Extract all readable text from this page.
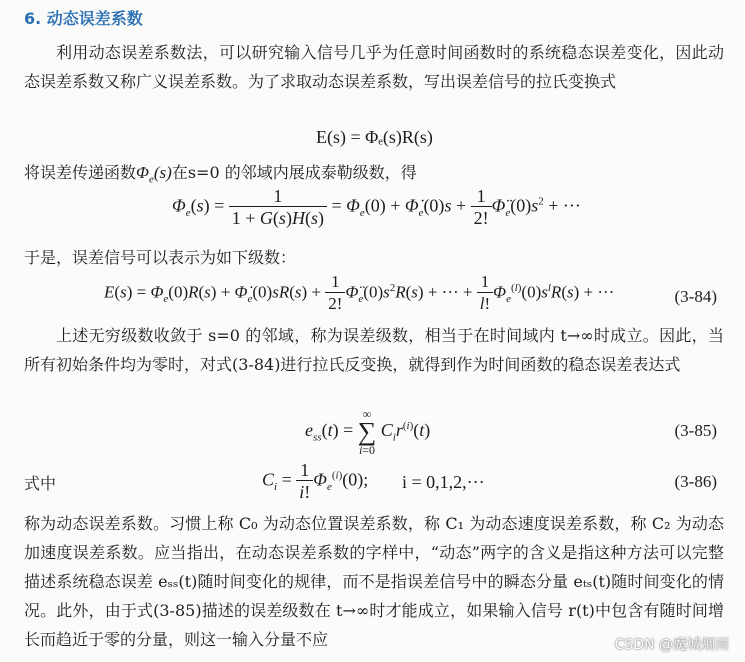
6. 动态误差系数
利用动态误差系数法，可以研究输入信号几乎为任意时间函数时的系统稳态误差变化，因此动态误差系数又称广义误差系数。为了求取动态误差系数，写出误差信号的拉氏变换式
E(s) = Φₑ(s)R(s)
将误差传递函数$\Phi_e(s)$在s=0 的邻域内展成泰勒级数，得
$\Phi_e(s) = \frac{1}{1 + G(s)H(s)} = \Phi_e(0)$ + $\Phi̇_e(0)s + \frac{1}{2!}$ $\Phï_e(0)s^2$ + ···
于是，误差信号可以表示为如下级数：
$E(s) = \Phi_e(0)R(s)$ + $\Phi̇_e(0)sR(s) + \frac{1}{2!}$ $\Phï_e(0)s^2R(s)$ + ··· + $\frac{1}{l!} \Phi_e^{(l)}(0)s^lR(s)$ + ···	(3-84)
上述无穷级数收敛于 s=0 的邻域，称为误差级数，相当于在时间域内 t→∞时成立。因此，当所有初始条件均为零时，对式(3-84)进行拉氏反变换，就得到作为时间函数的稳态误差表达式
$e_{ss}(t)$ = ∞
∑
i=0 $C_ir^{(i)}(t)$	(3-85)
式中	$C_i = \frac{1}{i!} \Phi_e^{(i)}(0)$; i = 0,1,2,···	(3-86)
称为动态误差系数。习惯上称 C₀ 为动态位置误差系数，称 C₁ 为动态速度误差系数，称 C₂ 为动态加速度误差系数。应当指出，在动态误差系数的字样中，“动态”两字的含义是指这种方法可以完整描述系统稳态误差 eₛₛ(t)随时间变化的规律，而不是指误差信号中的瞬态分量 eₜₛ(t)随时间变化的情况。此外，由于式(3-85)描述的误差级数在 t→∞时才能成立，如果输入信号 r(t)中包含有随时间增长而趋近于零的分量，则这一输入分量不应	CSDN @魔城烟雨
